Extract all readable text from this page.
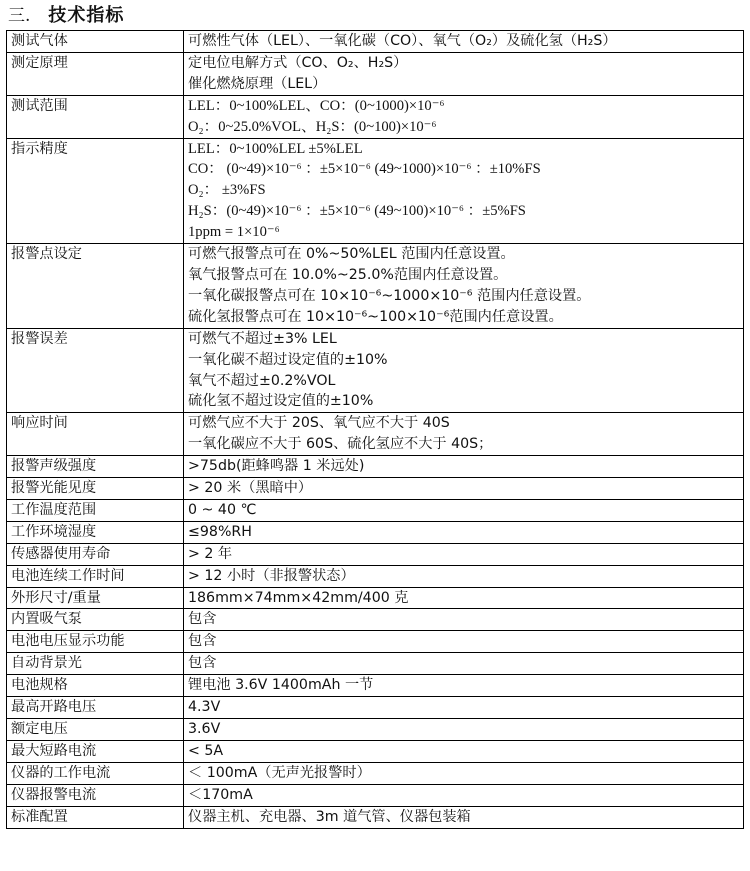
三. 技术指标
测试气体	可燃性气体（LEL）、一氧化碳（CO）、氧气（O₂）及硫化氢（H₂S）

测定原理	定电位电解方式（CO、O₂、H₂S）
催化燃烧原理（LEL）

测试范围	LEL：0~100%LEL、CO：(0~1000)×10⁻⁶
O₂：0~25.0%VOL、H₂S：(0~100)×10⁻⁶

指示精度	LEL：0~100%LEL ±5%LEL
CO： (0~49)×10⁻⁶ ：±5×10⁻⁶ (49~1000)×10⁻⁶ ：±10%FS
O₂： ±3%FS
H₂S：(0~49)×10⁻⁶ ：±5×10⁻⁶ (49~100)×10⁻⁶ ：±5%FS
1ppm = 1×10⁻⁶

报警点设定	可燃气报警点可在 0%~50%LEL 范围内任意设置。
氧气报警点可在 10.0%~25.0%范围内任意设置。
一氧化碳报警点可在 10×10⁻⁶~1000×10⁻⁶ 范围内任意设置。
硫化氢报警点可在 10×10⁻⁶~100×10⁻⁶范围内任意设置。

报警误差	可燃气不超过±3% LEL
一氧化碳不超过设定值的±10%
氧气不超过±0.2%VOL
硫化氢不超过设定值的±10%

响应时间	可燃气应不大于 20S、氧气应不大于 40S
一氧化碳应不大于 60S、硫化氢应不大于 40S；

报警声级强度	>75db(距蜂鸣器 1 米远处)

报警光能见度	> 20 米（黑暗中）

工作温度范围	0 ~ 40 ℃

工作环境湿度	≤98%RH

传感器使用寿命	> 2 年

电池连续工作时间	> 12 小时（非报警状态）

外形尺寸/重量	186mm×74mm×42mm/400 克

内置吸气泵	包含

电池电压显示功能	包含

自动背景光	包含

电池规格	锂电池 3.6V 1400mAh 一节

最高开路电压	4.3V

额定电压	3.6V

最大短路电流	< 5A

仪器的工作电流	＜ 100mA（无声光报警时）

仪器报警电流	＜170mA

标准配置	仪器主机、充电器、3m 道气管、仪器包装箱
